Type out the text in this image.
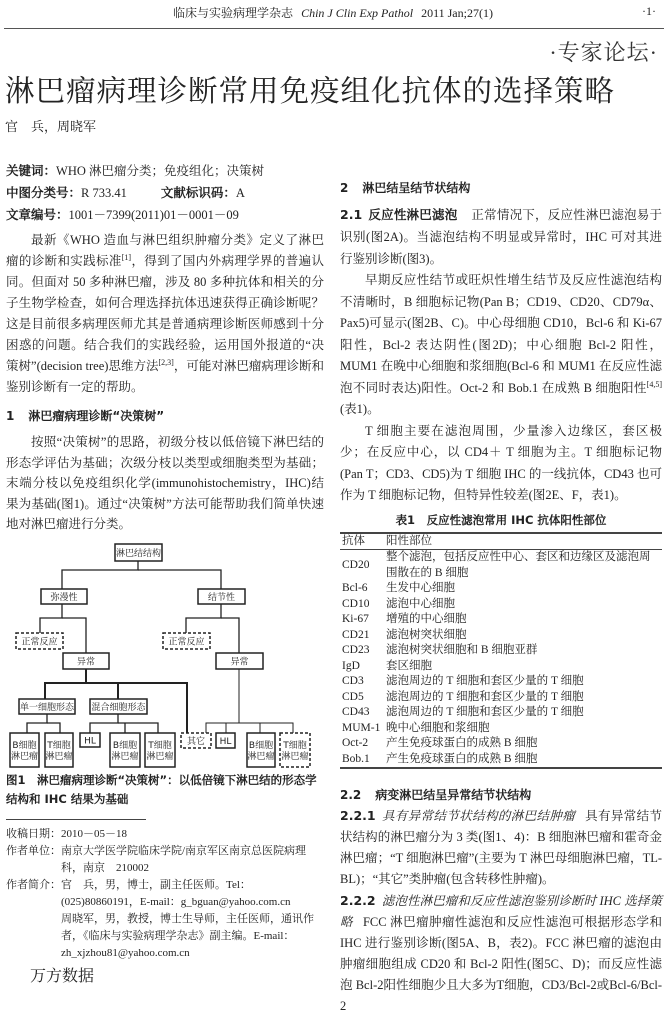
临床与实验病理学杂志 Chin J Clin Exp Pathol 2011 Jan;27(1)	·1·
·专家论坛·
淋巴瘤病理诊断常用免疫组化抗体的选择策略
官　兵，周晓军
关键词：WHO 淋巴瘤分类；免疫组化；决策树
中图分类号：R 733.41	文献标识码：A
文章编号：1001－7399(2011)01－0001－09

最新《WHO 造血与淋巴组织肿瘤分类》定义了淋巴瘤的诊断和实践标准[1]，得到了国内外病理学界的普遍认同。但面对 50 多种淋巴瘤，涉及 80 多种抗体和相关的分子生物学检查，如何合理选择抗体迅速获得正确诊断呢？这是目前很多病理医师尤其是普通病理诊断医师感到十分困惑的问题。结合我们的实践经验，运用国外报道的“决策树”(decision tree)思维方法[2,3]，可能对淋巴瘤病理诊断和鉴别诊断有一定的帮助。

1 淋巴瘤病理诊断“决策树”

按照“决策树”的思路，初级分枝以低倍镜下淋巴结的形态学评估为基础；次级分枝以类型或细胞类型为基础；末端分枝以免疫组织化学(immunohistochemistry，IHC)结果为基础(图1)。通过“决策树”方法可能帮助我们简单快速地对淋巴瘤进行分类。

淋巴结结构
弥漫性	结节性
正常反应
异常
正常反应
异常
单一细胞形态 混合细胞形态
B细胞
淋巴瘤
T细胞
淋巴瘤
HL B细胞
淋巴瘤
T细胞
淋巴瘤
其它 HL B细胞
淋巴瘤
T细胞
淋巴瘤
图1　淋巴瘤病理诊断“决策树”：以低倍镜下淋巴结的形态学结构和 IHC 结果为基础
收稿日期： 2010－05－18
作者单位： 南京大学医学院临床学院/南京军区南京总医院病理科，南京　210002
作者简介： 官　兵，男，博士，副主任医师。Tel：(025)80860191，E-mail：g_bguan@yahoo.com.cn
周晓军，男，教授，博士生导师，主任医师，通讯作者，《临床与实验病理学杂志》副主编。E-mail：zh_xjzhou81@yahoo.com.cn
万方数据
2 淋巴结呈结节状结构

2.1 反应性淋巴滤泡 正常情况下，反应性淋巴滤泡易于识别(图2A)。当滤泡结构不明显或异常时，IHC 可对其进行鉴别诊断(图3)。

早期反应性结节或旺炽性增生结节及反应性滤泡结构不清晰时，B 细胞标记物(Pan B；CD19、CD20、CD79α、Pax5)可显示(图2B、C)。中心母细胞 CD10，Bcl-6 和 Ki-67 阳性，Bcl-2 表达阴性(图2D)；中心细胞 Bcl-2 阳性，MUM1 在晚中心细胞和浆细胞(Bcl-6 和 MUM1 在反应性滤泡不同时表达)阳性。Oct-2 和 Bob.1 在成熟 B 细胞阳性[4,5](表1)。

T 细胞主要在滤泡周围，少量渗入边缘区，套区极少；在反应中心，以 CD4＋ T 细胞为主。T 细胞标记物(Pan T；CD3、CD5)为 T 细胞 IHC 的一线抗体，CD43 也可作为 T 细胞标记物，但特异性较差(图2E、F，表1)。

表1　反应性滤泡常用 IHC 抗体阳性部位
抗体	阳性部位
CD20	整个滤泡，包括反应性中心、套区和边缘区及滤泡周围散在的 B 细胞
Bcl-6	生发中心细胞
CD10	滤泡中心细胞
Ki-67	增殖的中心细胞
CD21	滤泡树突状细胞
CD23	滤泡树突状细胞和 B 细胞亚群
IgD	套区细胞
CD3	滤泡周边的 T 细胞和套区少量的 T 细胞
CD5	滤泡周边的 T 细胞和套区少量的 T 细胞
CD43	滤泡周边的 T 细胞和套区少量的 T 细胞
MUM-1	晚中心细胞和浆细胞
Oct-2	产生免疫球蛋白的成熟 B 细胞
Bob.1	产生免疫球蛋白的成熟 B 细胞
2.2 病变淋巴结呈异常结节状结构

2.2.1 具有异常结节状结构的淋巴结肿瘤 具有异常结节状结构的淋巴瘤分为 3 类(图1、4)：B 细胞淋巴瘤和霍奇金淋巴瘤；“T 细胞淋巴瘤”(主要为 T 淋巴母细胞淋巴瘤，TL-BL)；“其它”类肿瘤(包含转移性肿瘤)。

2.2.2 滤泡性淋巴瘤和反应性滤泡鉴别诊断时 IHC 选择策略 FCC 淋巴瘤肿瘤性滤泡和反应性滤泡可根据形态学和 IHC 进行鉴别诊断(图5A、B，表2)。FCC 淋巴瘤的滤泡由肿瘤细胞组成 CD20 和 Bcl-2 阳性(图5C、D)；而反应性滤泡 Bcl-2阳性细胞少且大多为T细胞，CD3/Bcl-2或Bcl-6/Bcl-2
